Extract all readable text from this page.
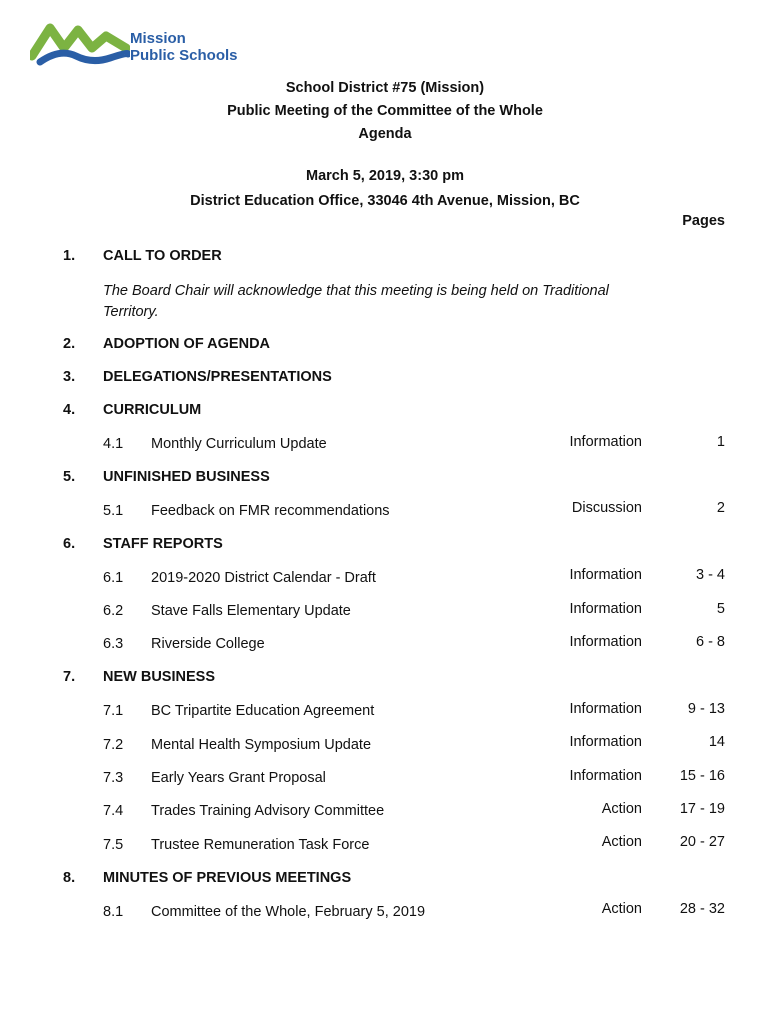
Mission
Public Schools
School District #75 (Mission)
Public Meeting of the Committee of the Whole
Agenda
March 5, 2019, 3:30 pm
District Education Office, 33046 4th Avenue, Mission, BC
Pages
1. CALL TO ORDER
The Board Chair will acknowledge that this meeting is being held on Traditional Territory.
2. ADOPTION OF AGENDA
3. DELEGATIONS/PRESENTATIONS
4. CURRICULUM
4.1 Monthly Curriculum Update	Information	1
5. UNFINISHED BUSINESS
5.1 Feedback on FMR recommendations	Discussion	2
6. STAFF REPORTS
6.1 2019-2020 District Calendar - Draft	Information	3 - 4
6.2 Stave Falls Elementary Update	Information	5
6.3 Riverside College	Information	6 - 8
7. NEW BUSINESS
7.1 BC Tripartite Education Agreement	Information	9 - 13
7.2 Mental Health Symposium Update	Information	14
7.3 Early Years Grant Proposal	Information	15 - 16
7.4 Trades Training Advisory Committee	Action	17 - 19
7.5 Trustee Remuneration Task Force	Action	20 - 27
8. MINUTES OF PREVIOUS MEETINGS
8.1 Committee of the Whole, February 5, 2019	Action	28 - 32
